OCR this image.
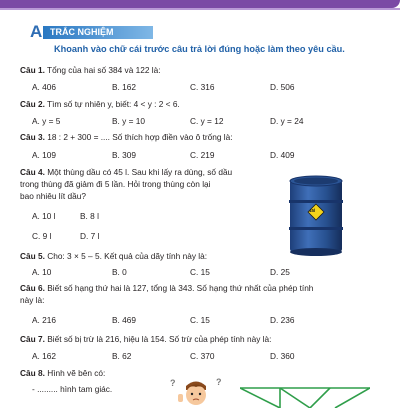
A TRẮC NGHIỆM
Khoanh vào chữ cái trước câu trả lời đúng hoặc làm theo yêu cầu.
Câu 1. Tổng của hai số 384 và 122 là:
A. 406	B. 162	C. 316	D. 506
Câu 2. Tìm số tự nhiên y, biết: 4 < y : 2 < 6.
A. y = 5	B. y = 10	C. y = 12	D. y = 24
Câu 3. 18 : 2 + 300 = .... Số thích hợp điền vào ô trống là:
A. 109	B. 309	C. 219	D. 409
Câu 4. Một thùng dầu có 45 l. Sau khi lấy ra dùng, số dầu
trong thùng đã giảm đi 5 lần. Hỏi trong thùng còn lại
bao nhiêu lít dầu?
A. 10 l	B. 8 l
C. 9 l	D. 7 l
45l
Câu 5. Cho: 3 × 5 – 5. Kết quả của dãy tính này là:
A. 10	B. 0	C. 15	D. 25
Câu 6. Biết số hạng thứ hai là 127, tổng là 343. Số hạng thứ nhất của phép tính
này là:
A. 216	B. 469	C. 15	D. 236
Câu 7. Biết số bị trừ là 216, hiệu là 154. Số trừ của phép tính này là:
A. 162	B. 62	C. 370	D. 360
Câu 8. Hình vẽ bên có:
- ......... hình tam giác.
?	?
